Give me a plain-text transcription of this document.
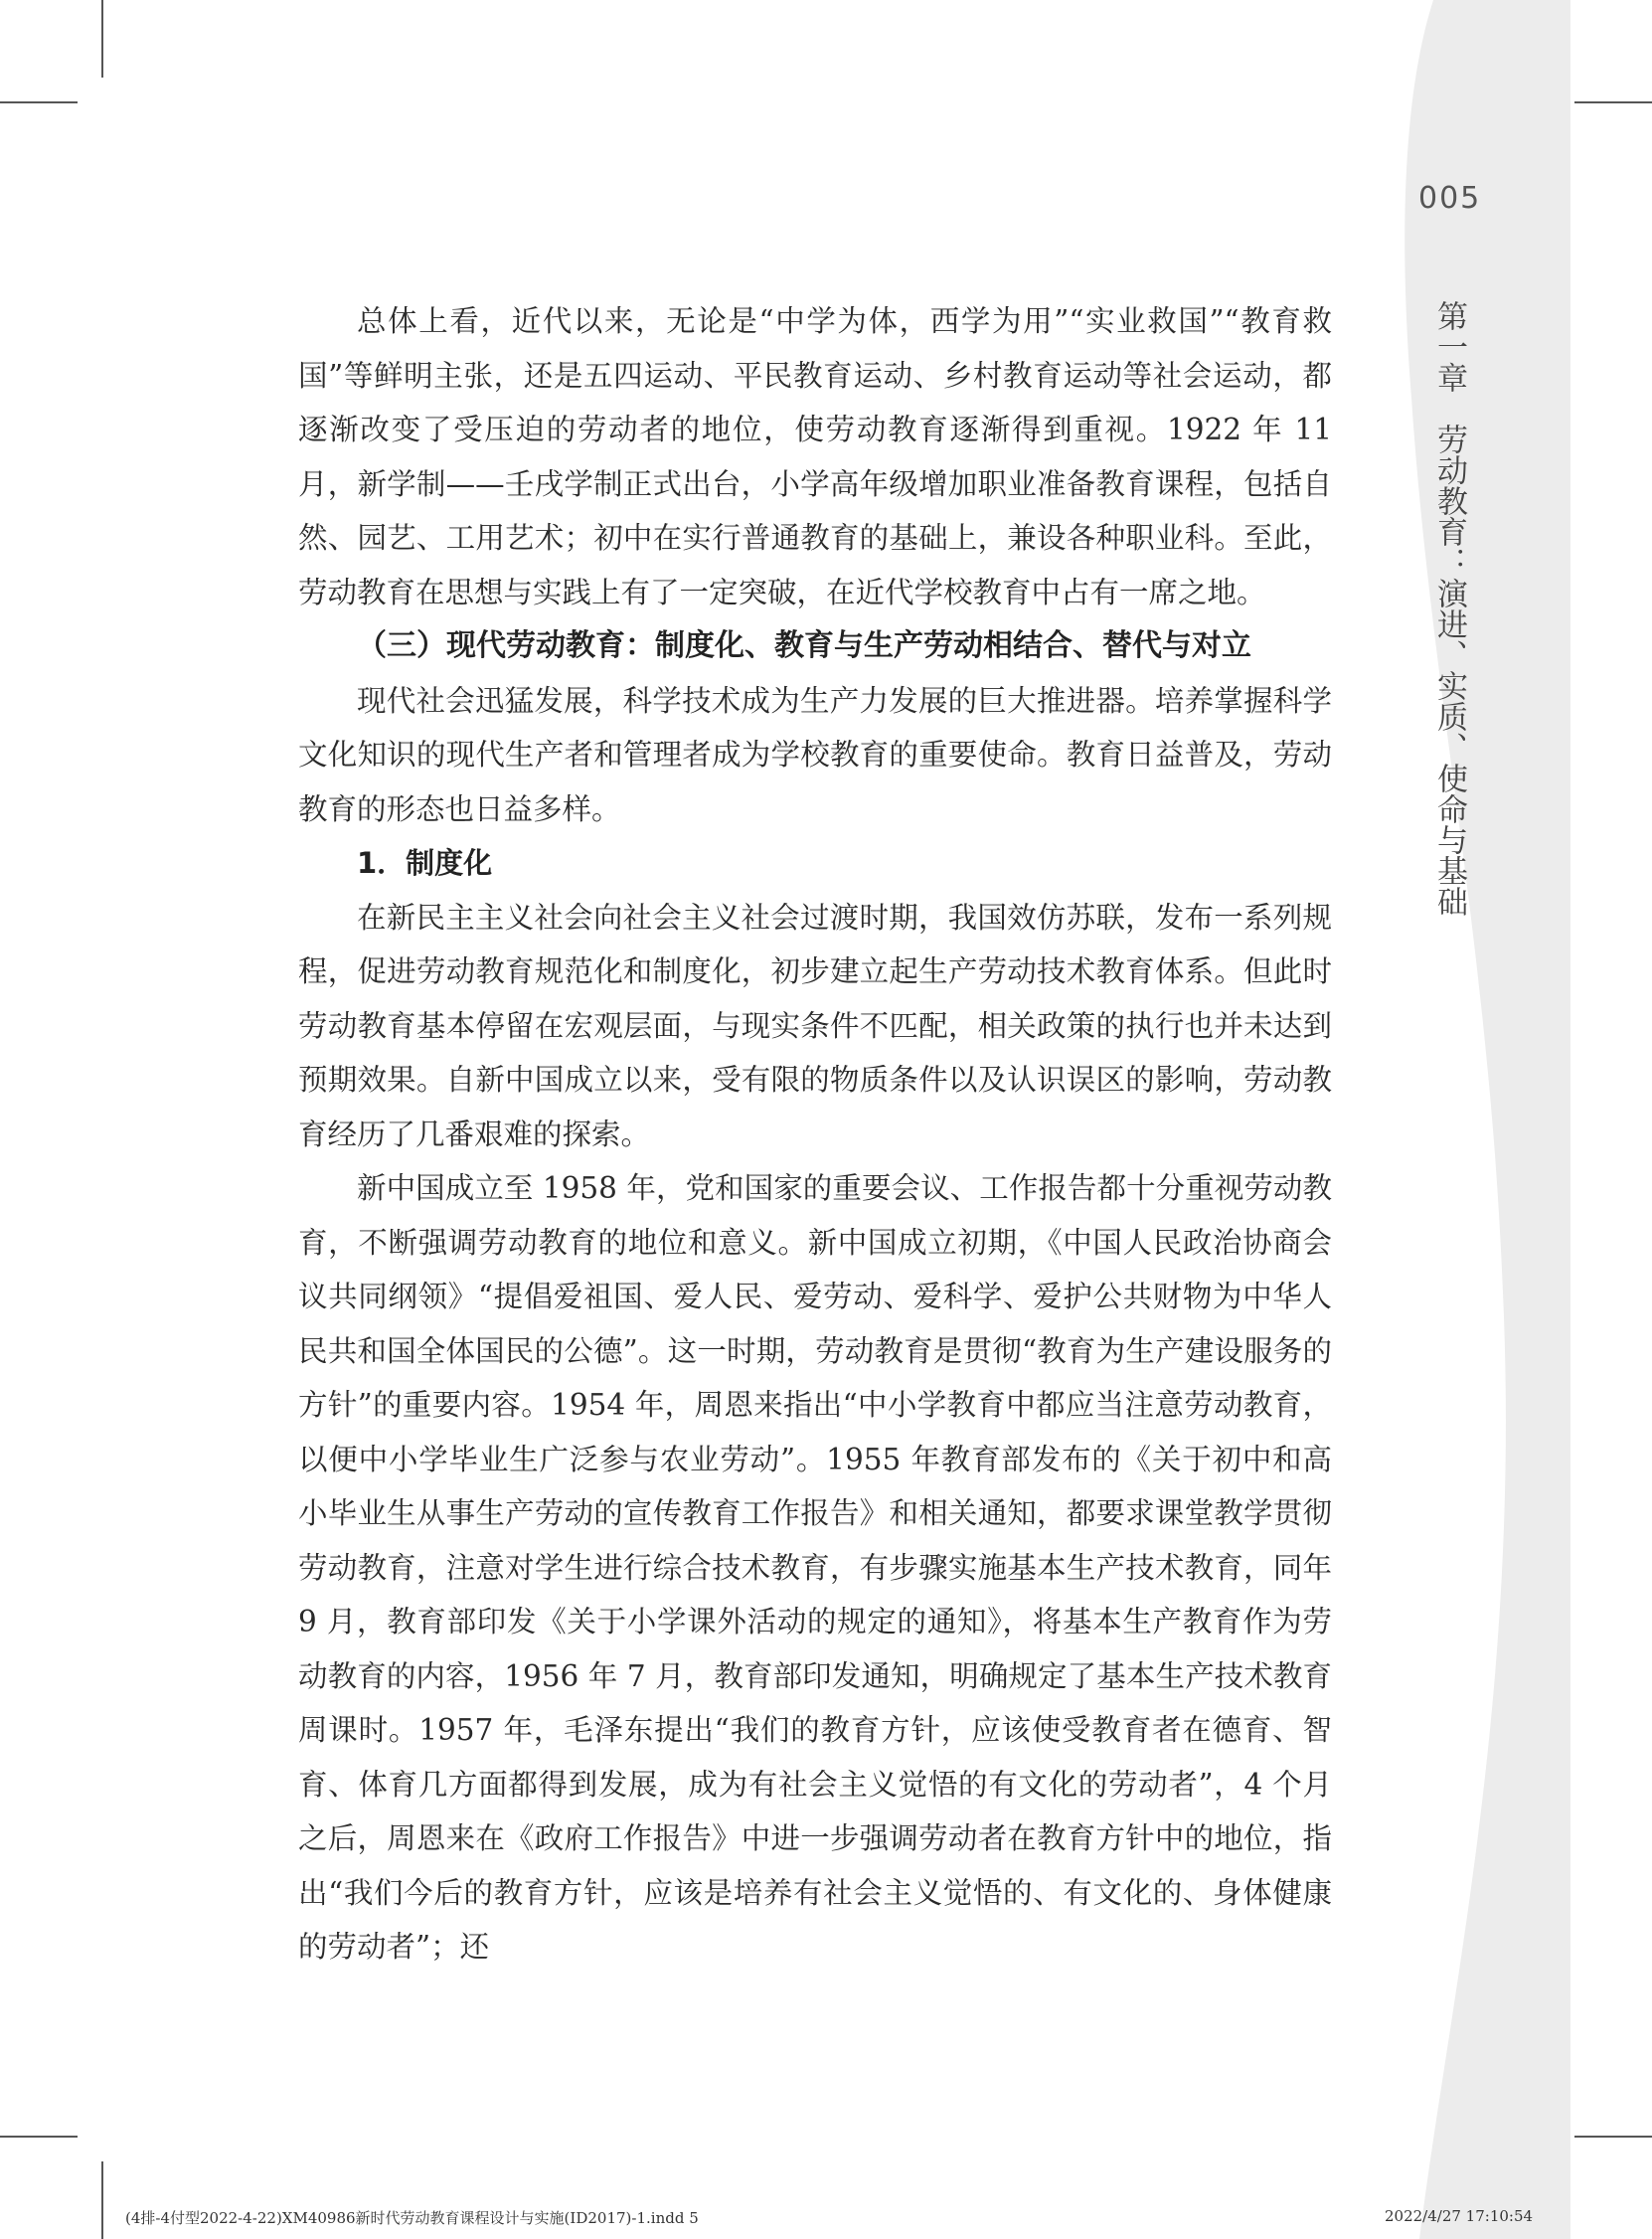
005
第一章　劳动教育：演进、实质、使命与基础

总体上看，近代以来，无论是“中学为体，西学为用”“实业救国”“教育救国”等鲜明主张，还是五四运动、平民教育运动、乡村教育运动等社会运动，都逐渐改变了受压迫的劳动者的地位，使劳动教育逐渐得到重视。1922 年 11 月，新学制——壬戌学制正式出台，小学高年级增加职业准备教育课程，包括自然、园艺、工用艺术；初中在实行普通教育的基础上，兼设各种职业科。至此，劳动教育在思想与实践上有了一定突破，在近代学校教育中占有一席之地。

（三）现代劳动教育：制度化、教育与生产劳动相结合、替代与对立

现代社会迅猛发展，科学技术成为生产力发展的巨大推进器。培养掌握科学文化知识的现代生产者和管理者成为学校教育的重要使命。教育日益普及，劳动教育的形态也日益多样。

1．制度化

在新民主主义社会向社会主义社会过渡时期，我国效仿苏联，发布一系列规程，促进劳动教育规范化和制度化，初步建立起生产劳动技术教育体系。但此时劳动教育基本停留在宏观层面，与现实条件不匹配，相关政策的执行也并未达到预期效果。自新中国成立以来，受有限的物质条件以及认识误区的影响，劳动教育经历了几番艰难的探索。

新中国成立至 1958 年，党和国家的重要会议、工作报告都十分重视劳动教育，不断强调劳动教育的地位和意义。新中国成立初期，《中国人民政治协商会议共同纲领》“提倡爱祖国、爱人民、爱劳动、爱科学、爱护公共财物为中华人民共和国全体国民的公德”。这一时期，劳动教育是贯彻“教育为生产建设服务的方针”的重要内容。1954 年，周恩来指出“中小学教育中都应当注意劳动教育，以便中小学毕业生广泛参与农业劳动”。1955 年教育部发布的《关于初中和高小毕业生从事生产劳动的宣传教育工作报告》和相关通知，都要求课堂教学贯彻劳动教育，注意对学生进行综合技术教育，有步骤实施基本生产技术教育，同年 9 月，教育部印发《关于小学课外活动的规定的通知》，将基本生产教育作为劳动教育的内容，1956 年 7 月，教育部印发通知，明确规定了基本生产技术教育周课时。1957 年，毛泽东提出“我们的教育方针，应该使受教育者在德育、智育、体育几方面都得到发展，成为有社会主义觉悟的有文化的劳动者”，4 个月之后，周恩来在《政府工作报告》中进一步强调劳动者在教育方针中的地位，指出“我们今后的教育方针，应该是培养有社会主义觉悟的、有文化的、身体健康的劳动者”；还

(4排-4付型2022-4-22)XM40986新时代劳动教育课程设计与实施(ID2017)-1.indd 5	2022/4/27 17:10:54
